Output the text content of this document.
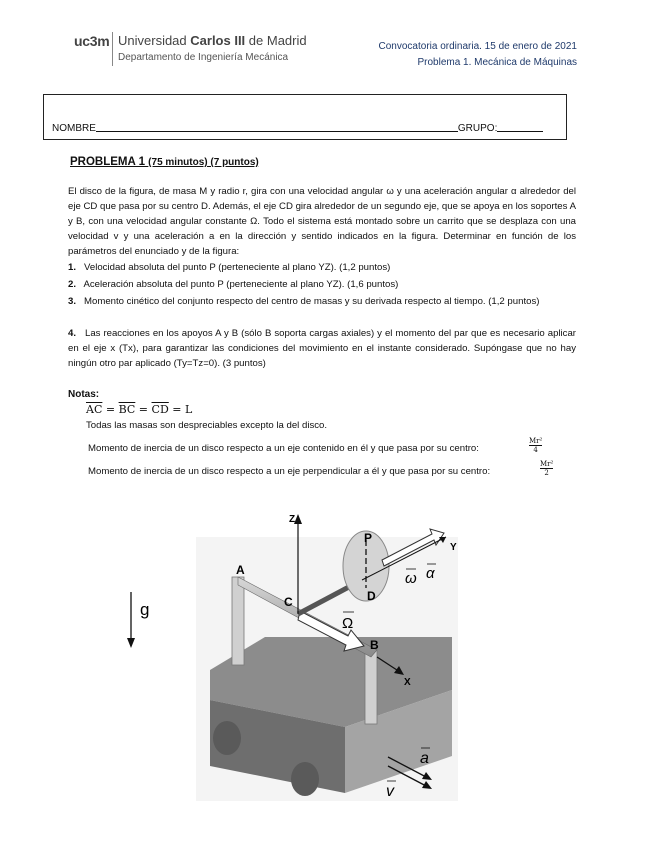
uc3m Universidad Carlos III de Madrid
Departamento de Ingeniería Mecánica
Convocatoria ordinaria. 15 de enero de 2021
Problema 1. Mecánica de Máquinas
NOMBRE	GRUPO:
PROBLEMA 1 (75 minutos) (7 puntos)
El disco de la figura, de masa M y radio r, gira con una velocidad angular ω y una aceleración angular α alrededor del eje CD que pasa por su centro D. Además, el eje CD gira alrededor de un segundo eje, que se apoya en los soportes A y B, con una velocidad angular constante Ω. Todo el sistema está montado sobre un carrito que se desplaza con una velocidad v y una aceleración a en la dirección y sentido indicados en la figura. Determinar en función de los parámetros del enunciado y de la figura:
1. Velocidad absoluta del punto P (perteneciente al plano YZ). (1,2 puntos)
2. Aceleración absoluta del punto P (perteneciente al plano YZ). (1,6 puntos)
3. Momento cinético del conjunto respecto del centro de masas y su derivada respecto al tiempo. (1,2 puntos)
4. Las reacciones en los apoyos A y B (sólo B soporta cargas axiales) y el momento del par que es necesario aplicar en el eje x (Tx), para garantizar las condiciones del movimiento en el instante considerado. Supóngase que no hay ningún otro par aplicado (Ty=Tz=0). (3 puntos)
Notas:
$\overline{AC} = \overline{BC} = \overline{CD} = L$
Todas las masas son despreciables excepto la del disco.
Momento de inercia de un disco respecto a un eje contenido en él y que pasa por su centro:	$\frac{\text{Mr²}}{4}$
Momento de inercia de un disco respecto a un eje perpendicular a él y que pasa por su centro:	$\frac{\text{Mr²}}{2}$
Z
Y
X
A
B
C	D
P
g
ω α
Ω
a
v
